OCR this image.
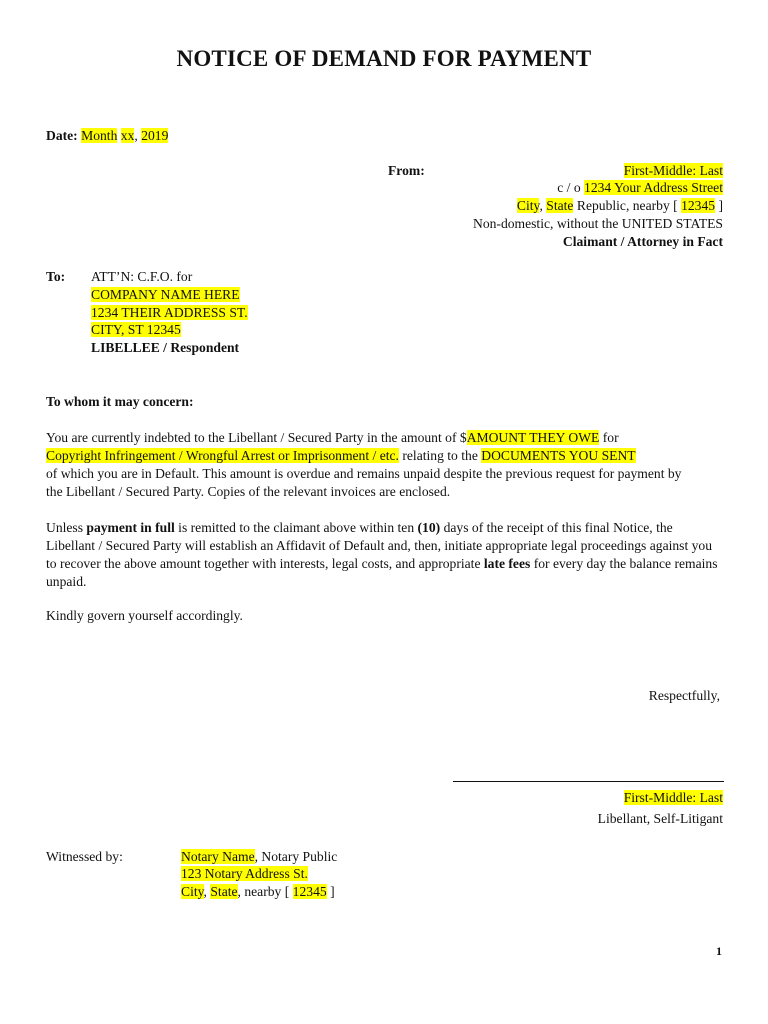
NOTICE OF DEMAND FOR PAYMENT
Date: Month xx, 2019
From:	First-Middle: Last
c / o 1234 Your Address Street
City, State Republic, nearby [ 12345 ]
Non-domestic, without the UNITED STATES
Claimant / Attorney in Fact
To: ATT’N: C.F.O. for
COMPANY NAME HERE
1234 THEIR ADDRESS ST.
CITY, ST 12345
LIBELLEE / Respondent
To whom it may concern:
You are currently indebted to the Libellant / Secured Party in the amount of $AMOUNT THEY OWE for
Copyright Infringement / Wrongful Arrest or Imprisonment / etc. relating to the DOCUMENTS YOU SENT
of which you are in Default. This amount is overdue and remains unpaid despite the previous request for payment by the Libellant / Secured Party. Copies of the relevant invoices are enclosed.
Unless payment in full is remitted to the claimant above within ten (10) days of the receipt of this final Notice, the Libellant / Secured Party will establish an Affidavit of Default and, then, initiate appropriate legal proceedings against you to recover the above amount together with interests, legal costs, and appropriate late fees for every day the balance remains unpaid.
Kindly govern yourself accordingly.
Respectfully,
First-Middle: Last
Libellant, Self-Litigant
Witnessed by:	Notary Name, Notary Public
123 Notary Address St.
City, State, nearby [ 12345 ]
1
